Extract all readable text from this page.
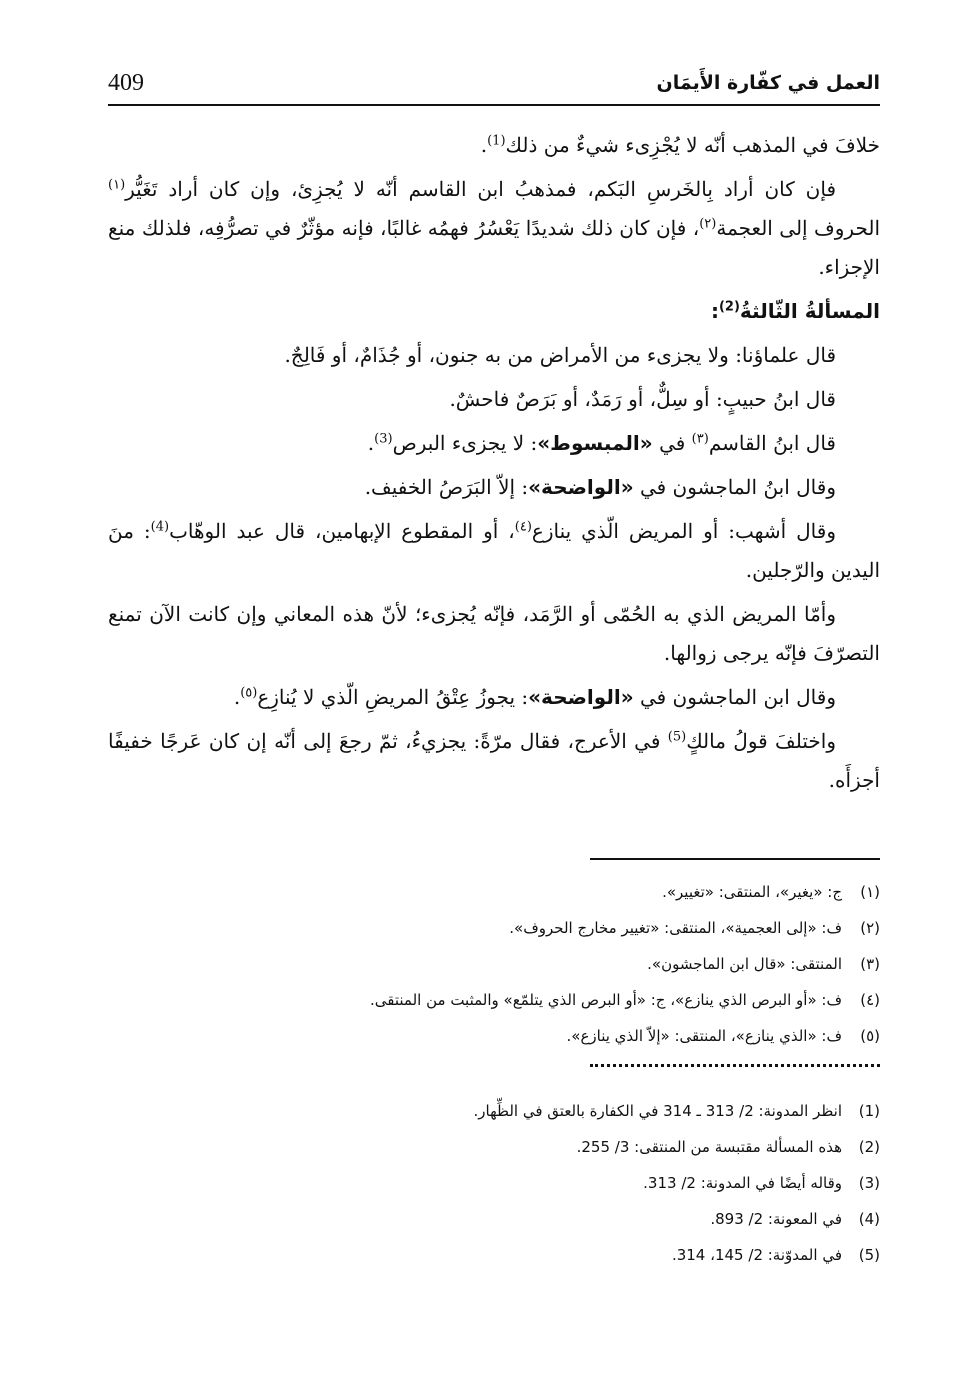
409	العمل في كفّارة الأَيمَان

خلافَ في المذهب أنّه لا يُجْزِىء شيءٌ من ذلك$^{(1)}$.

فإن كان أراد بِالخَرسِ البَكم، فمذهبُ ابن القاسم أنّه لا يُجزِئ، وإن كان أراد تَغَيُّر$^{(١)}$ الحروف إلى العجمة$^{(٢)}$، فإن كان ذلك شديدًا يَعْسُرُ فهمُه غالبًا، فإنه مؤثّرٌ في تصرُّفِه، فلذلك منع الإجزاء.

المسألةُ الثّالثةُ$^{(2)}$:

قال علماؤنا: ولا يجزىء من الأمراض من به جنون، أو جُذَامٌ، أو فَالِجٌ.

قال ابنُ حبيبٍ: أو سِلٌّ، أو رَمَدٌ، أو بَرَصٌ فاحشٌ.

قال ابنُ القاسم$^{(٣)}$ في «المبسوط»: لا يجزىء البرص$^{(3)}$.

وقال ابنُ الماجشون في «الواضحة»: إلاّ البَرَصُ الخفيف.

وقال أشهب: أو المريض الّذي ينازع$^{(٤)}$، أو المقطوع الإبهامين، قال عبد الوهّاب$^{(4)}$: منَ اليدين والرّجلين.

وأمّا المريض الذي به الحُمّى أو الرَّمَد، فإنّه يُجزىء؛ لأنّ هذه المعاني وإن كانت الآن تمنع التصرّفَ فإنّه يرجى زوالها.

وقال ابن الماجشون في «الواضحة»: يجوزُ عِتْقُ المريضِ الّذي لا يُنازِع$^{(٥)}$.

واختلفَ قولُ مالكٍ$^{(5)}$ في الأعرج، فقال مرّةً: يجزيءُ، ثمّ رجعَ إلى أنّه إن كان عَرجًا خفيفًا أجزأَه.

(١)
ج: «يغير»، المنتقى: «تغيير».
(٢)
ف: «إلى العجمية»، المنتقى: «تغيير مخارج الحروف».
(٣)
المنتقى: «قال ابن الماجشون».
(٤)
ف: «أو البرص الذي ينازع»، ج: «أو البرص الذي يتلمّع» والمثبت من المنتقى.
(٥)
ف: «الذي ينازع»، المنتقى: «إلاّ الذي ينازع».
(1)
انظر المدونة: 2/ 313 ـ 314 في الكفارة بالعتق في الظِّهار.
(2)
هذه المسألة مقتبسة من المنتقى: 3/ 255.
(3)
وقاله أيضًا في المدونة: 2/ 313.
(4)
في المعونة: 2/ 893.
(5)
في المدوّنة: 2/ 145، 314.
